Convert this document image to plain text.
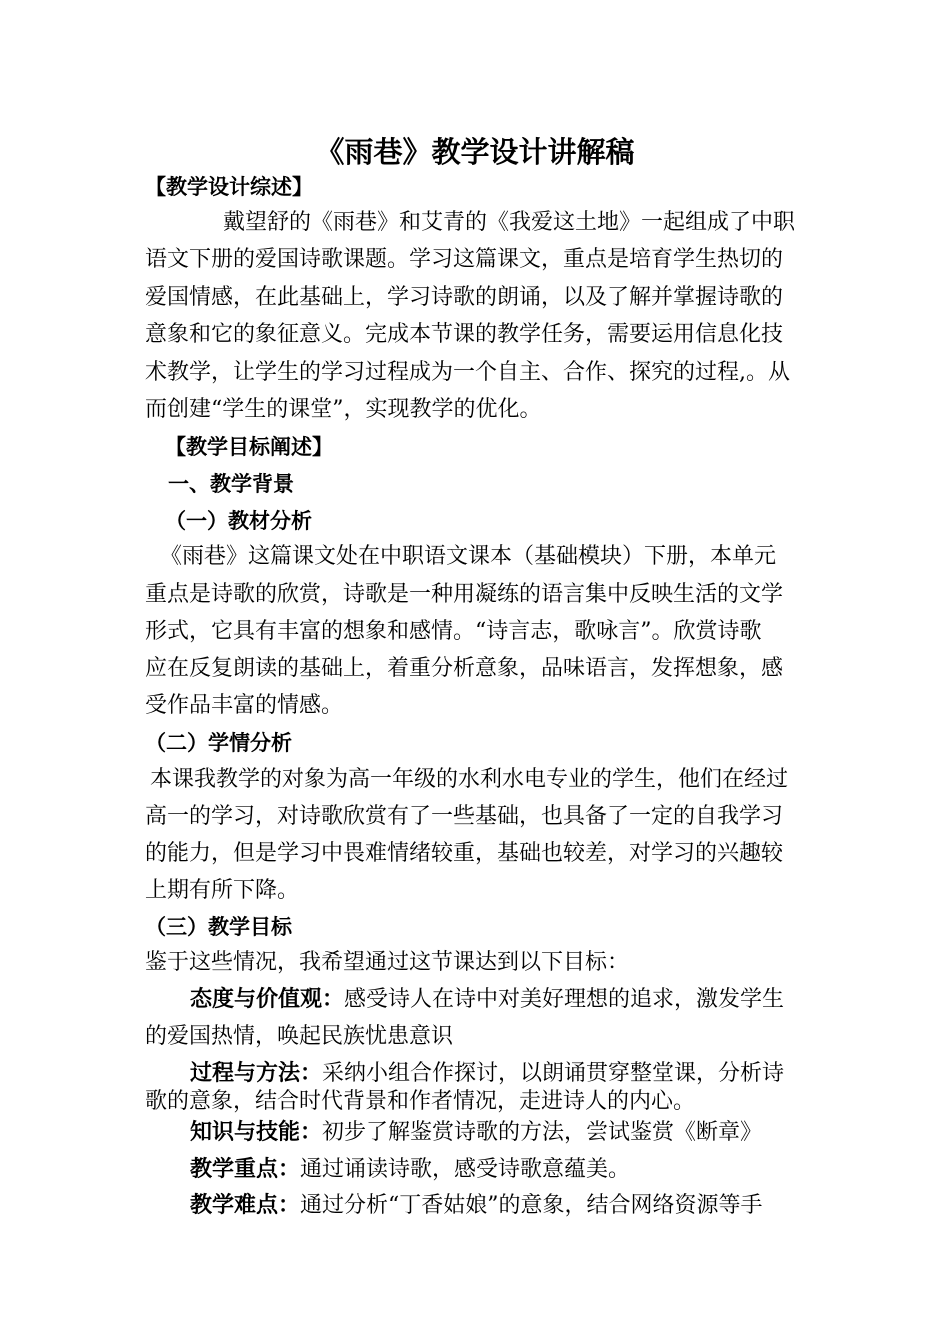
《雨巷》教学设计讲解稿
【教学设计综述】
戴望舒的《雨巷》和艾青的《我爱这土地》一起组成了中职
语文下册的爱国诗歌课题。学习这篇课文，重点是培育学生热切的
爱国情感，在此基础上，学习诗歌的朗诵，以及了解并掌握诗歌的
意象和它的象征意义。完成本节课的教学任务，需要运用信息化技
术教学，让学生的学习过程成为一个自主、合作、探究的过程,。从
而创建“学生的课堂”，实现教学的优化。
【教学目标阐述】
一、教学背景
（一）教材分析
《雨巷》这篇课文处在中职语文课本（基础模块）下册，本单元
重点是诗歌的欣赏，诗歌是一种用凝练的语言集中反映生活的文学
形式，它具有丰富的想象和感情。“诗言志，歌咏言”。欣赏诗歌
应在反复朗读的基础上，着重分析意象，品味语言，发挥想象，感
受作品丰富的情感。
（二）学情分析
本课我教学的对象为高一年级的水利水电专业的学生，他们在经过
高一的学习，对诗歌欣赏有了一些基础，也具备了一定的自我学习
的能力，但是学习中畏难情绪较重，基础也较差，对学习的兴趣较
上期有所下降。
（三）教学目标
鉴于这些情况，我希望通过这节课达到以下目标：
态度与价值观：感受诗人在诗中对美好理想的追求，激发学生
的爱国热情，唤起民族忧患意识
过程与方法：采纳小组合作探讨，以朗诵贯穿整堂课，分析诗
歌的意象，结合时代背景和作者情况，走进诗人的内心。
知识与技能：初步了解鉴赏诗歌的方法，尝试鉴赏《断章》
教学重点：通过诵读诗歌，感受诗歌意蕴美。
教学难点：通过分析“丁香姑娘”的意象，结合网络资源等手
